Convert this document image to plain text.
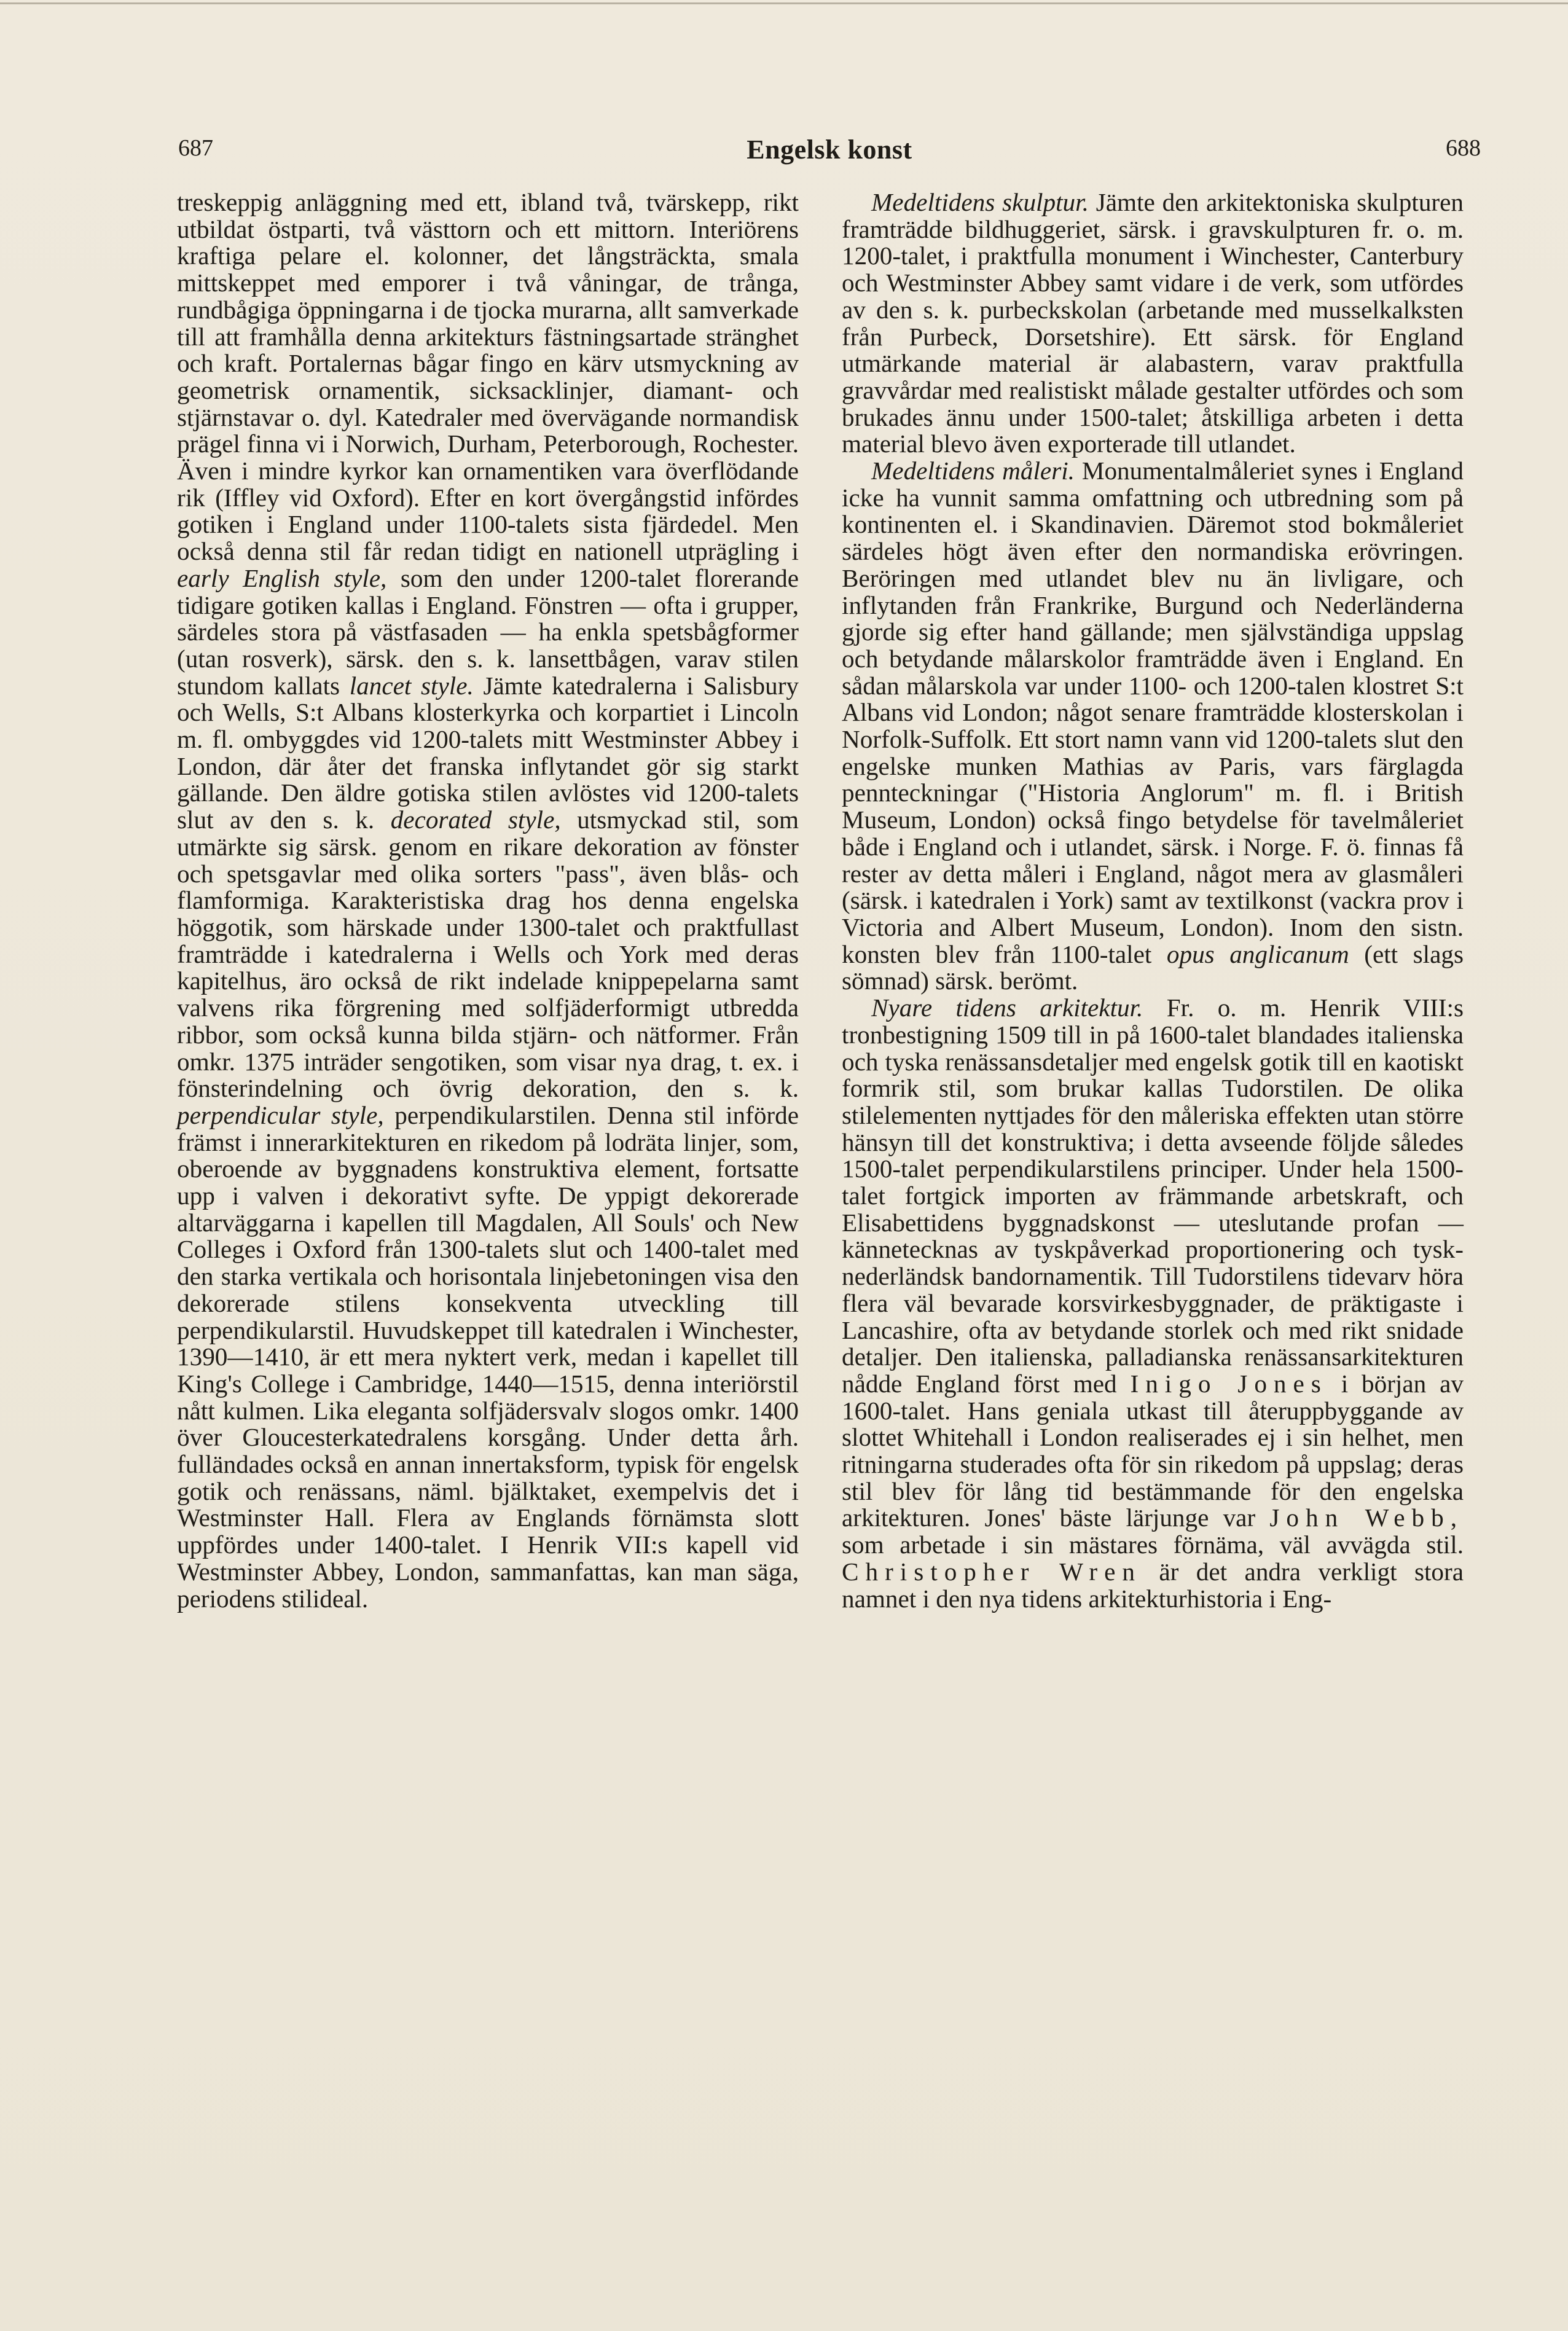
687	Engelsk konst	688

treskeppig anläggning med ett, ibland två, tvärskepp, rikt utbildat östparti, två västtorn och ett mittorn. Interiörens kraftiga pelare el. kolonner, det långsträckta, smala mittskeppet med emporer i två våningar, de trånga, rundbågiga öppningarna i de tjocka murarna, allt samverkade till att framhålla denna arkitekturs fästningsartade stränghet och kraft. Portalernas bågar fingo en kärv utsmyckning av geometrisk ornamentik, sicksacklinjer, diamant- och stjärnstavar o. dyl. Katedraler med övervägande normandisk prägel finna vi i Norwich, Durham, Peterborough, Rochester. Även i mindre kyrkor kan ornamentiken vara överflödande rik (Iffley vid Oxford). Efter en kort övergångstid infördes gotiken i England under 1100-talets sista fjärdedel. Men också denna stil får redan tidigt en nationell utprägling i early English style, som den under 1200-talet florerande tidigare gotiken kallas i England. Fönstren — ofta i grupper, särdeles stora på västfasaden — ha enkla spetsbågformer (utan rosverk), särsk. den s. k. lansettbågen, varav stilen stundom kallats lancet style. Jämte katedralerna i Salisbury och Wells, S:t Albans klosterkyrka och korpartiet i Lincoln m. fl. ombyggdes vid 1200-talets mitt Westminster Abbey i London, där åter det franska inflytandet gör sig starkt gällande. Den äldre gotiska stilen avlöstes vid 1200-talets slut av den s. k. decorated style, utsmyckad stil, som utmärkte sig särsk. genom en rikare dekoration av fönster och spetsgavlar med olika sorters "pass", även blås- och flamformiga. Karakteristiska drag hos denna engelska höggotik, som härskade under 1300-talet och praktfullast framträdde i katedralerna i Wells och York med deras kapitelhus, äro också de rikt indelade knippepelarna samt valvens rika förgrening med solfjäderformigt utbredda ribbor, som också kunna bilda stjärn- och nätformer. Från omkr. 1375 inträder sengotiken, som visar nya drag, t. ex. i fönsterindelning och övrig dekoration, den s. k. perpendicular style, perpendikularstilen. Denna stil införde främst i innerarkitekturen en rikedom på lodräta linjer, som, oberoende av byggnadens konstruktiva element, fortsatte upp i valven i dekorativt syfte. De yppigt dekorerade altarväggarna i kapellen till Magdalen, All Souls' och New Colleges i Oxford från 1300-talets slut och 1400-talet med den starka vertikala och horisontala linjebetoningen visa den dekorerade stilens konsekventa utveckling till perpendikularstil. Huvudskeppet till katedralen i Winchester, 1390—1410, är ett mera nyktert verk, medan i kapellet till King's College i Cambridge, 1440—1515, denna interiörstil nått kulmen. Lika eleganta solfjädersvalv slogos omkr. 1400 över Gloucesterkatedralens korsgång. Under detta årh. fulländades också en annan innertaksform, typisk för engelsk gotik och renässans, näml. bjälktaket, exempelvis det i Westminster Hall. Flera av Englands förnämsta slott uppfördes under 1400-talet. I Henrik VII:s kapell vid Westminster Abbey, London, sammanfattas, kan man säga, periodens stilideal.

Medeltidens skulptur. Jämte den arkitektoniska skulpturen framträdde bildhuggeriet, särsk. i gravskulpturen fr. o. m. 1200-talet, i praktfulla monument i Winchester, Canterbury och Westminster Abbey samt vidare i de verk, som utfördes av den s. k. purbeckskolan (arbetande med musselkalksten från Purbeck, Dorsetshire). Ett särsk. för England utmärkande material är alabastern, varav praktfulla gravvårdar med realistiskt målade gestalter utfördes och som brukades ännu under 1500-talet; åtskilliga arbeten i detta material blevo även exporterade till utlandet.

Medeltidens måleri. Monumentalmåleriet synes i England icke ha vunnit samma omfattning och utbredning som på kontinenten el. i Skandinavien. Däremot stod bokmåleriet särdeles högt även efter den normandiska erövringen. Beröringen med utlandet blev nu än livligare, och inflytanden från Frankrike, Burgund och Nederländerna gjorde sig efter hand gällande; men självständiga uppslag och betydande målarskolor framträdde även i England. En sådan målarskola var under 1100- och 1200-talen klostret S:t Albans vid London; något senare framträdde klosterskolan i Norfolk-Suffolk. Ett stort namn vann vid 1200-talets slut den engelske munken Mathias av Paris, vars färglagda pennteckningar ("Historia Anglorum" m. fl. i British Museum, London) också fingo betydelse för tavelmåleriet både i England och i utlandet, särsk. i Norge. F. ö. finnas få rester av detta måleri i England, något mera av glasmåleri (särsk. i katedralen i York) samt av textilkonst (vackra prov i Victoria and Albert Museum, London). Inom den sistn. konsten blev från 1100-talet opus anglicanum (ett slags sömnad) särsk. berömt.

Nyare tidens arkitektur. Fr. o. m. Henrik VIII:s tronbestigning 1509 till in på 1600-talet blandades italienska och tyska renässansdetaljer med engelsk gotik till en kaotiskt formrik stil, som brukar kallas Tudorstilen. De olika stilelementen nyttjades för den måleriska effekten utan större hänsyn till det konstruktiva; i detta avseende följde således 1500-talet perpendikularstilens principer. Under hela 1500-talet fortgick importen av främmande arbetskraft, och Elisabettidens byggnadskonst — uteslutande profan — kännetecknas av tyskpåverkad proportionering och tysk-nederländsk bandornamentik. Till Tudorstilens tidevarv höra flera väl bevarade korsvirkesbyggnader, de präktigaste i Lancashire, ofta av betydande storlek och med rikt snidade detaljer. Den italienska, palladianska renässansarkitekturen nådde England först med Inigo Jones i början av 1600-talet. Hans geniala utkast till återuppbyggande av slottet Whitehall i London realiserades ej i sin helhet, men ritningarna studerades ofta för sin rikedom på uppslag; deras stil blev för lång tid bestämmande för den engelska arkitekturen. Jones' bäste lärjunge var John Webb, som arbetade i sin mästares förnäma, väl avvägda stil. Christopher Wren är det andra verkligt stora namnet i den nya tidens arkitekturhistoria i Eng-
